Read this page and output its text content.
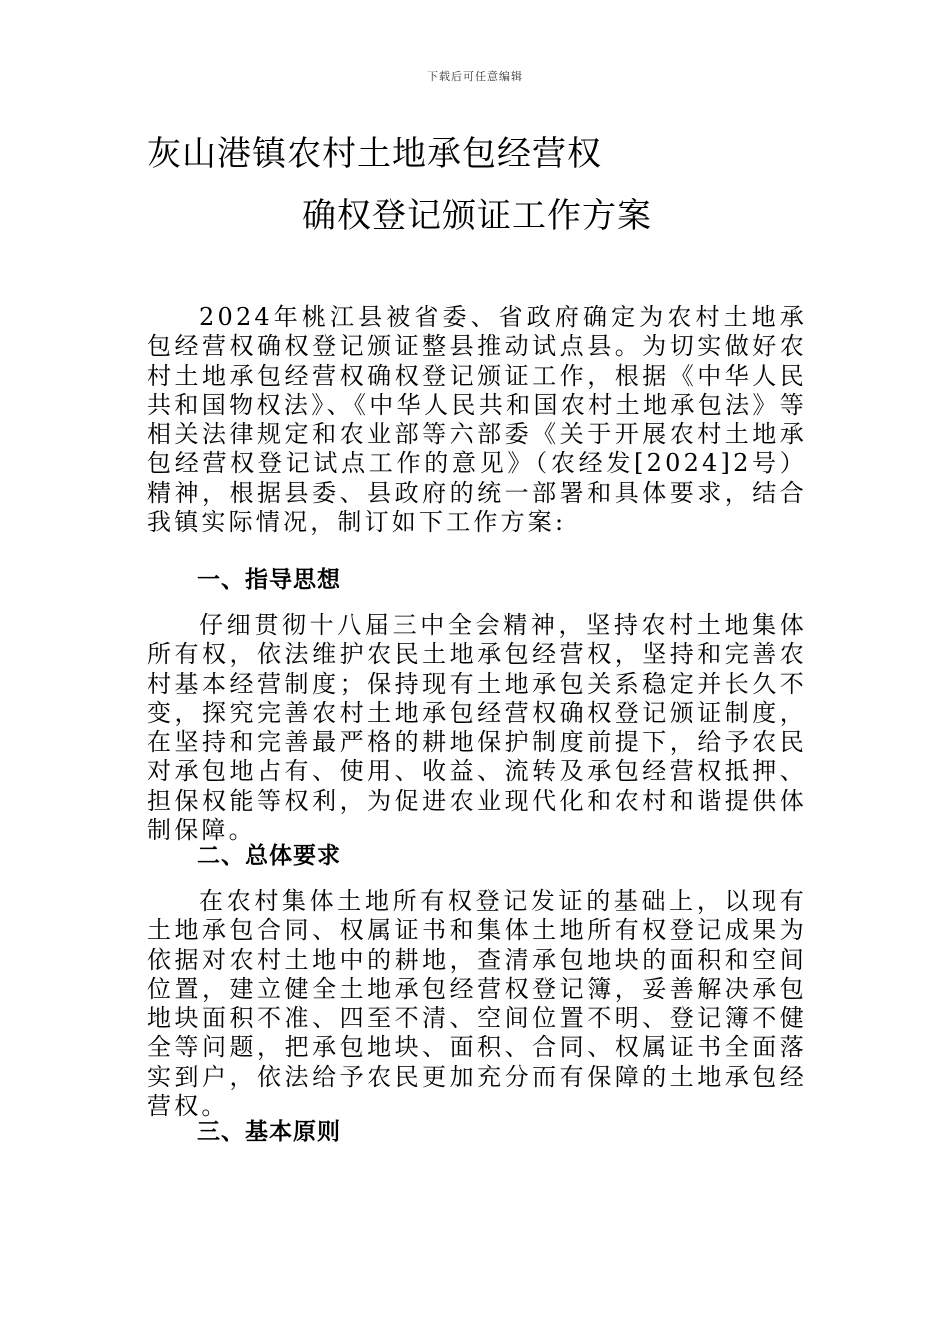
下载后可任意编辑
灰山港镇农村土地承包经营权
确权登记颁证工作方案

2024年桃江县被省委、省政府确定为农村土地承包经营权确权登记颁证整县推动试点县。为切实做好农村土地承包经营权确权登记颁证工作，根据《中华人民共和国物权法》、《中华人民共和国农村土地承包法》等相关法律规定和农业部等六部委《关于开展农村土地承包经营权登记试点工作的意见》（农经发[2024]2号）精神，根据县委、县政府的统一部署和具体要求，结合我镇实际情况，制订如下工作方案:

一、指导思想

仔细贯彻十八届三中全会精神，坚持农村土地集体所有权，依法维护农民土地承包经营权，坚持和完善农村基本经营制度；保持现有土地承包关系稳定并长久不变，探究完善农村土地承包经营权确权登记颁证制度，在坚持和完善最严格的耕地保护制度前提下，给予农民对承包地占有、使用、收益、流转及承包经营权抵押、担保权能等权利，为促进农业现代化和农村和谐提供体制保障。

二、总体要求

在农村集体土地所有权登记发证的基础上，以现有土地承包合同、权属证书和集体土地所有权登记成果为依据对农村土地中的耕地，查清承包地块的面积和空间位置，建立健全土地承包经营权登记簿，妥善解决承包地块面积不准、四至不清、空间位置不明、登记簿不健全等问题，把承包地块、面积、合同、权属证书全面落实到户，依法给予农民更加充分而有保障的土地承包经营权。

三、基本原则
